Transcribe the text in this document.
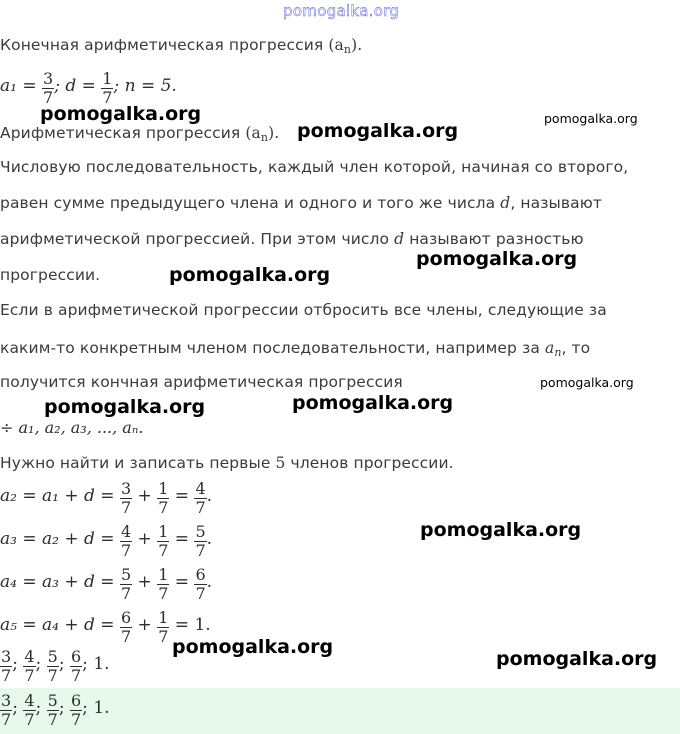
pomogalka.org
Конечная арифметическая прогрессия $(a_n)$.
$a_1 = \frac{3}{7}$ ; $d = \frac{1}{7}$ ; n = 5.
Арифметическая прогрессия $(a_n)$.
Числовую последовательность, каждый член которой, начиная со второго,
равен сумме предыдущего члена и одного и того же числа d, называют
арифметической прогрессией. При этом число d называют разностью
прогрессии.
Если в арифметической прогрессии отбросить все члены, следующие за
каким-то конкретным членом последовательности, например за $a_n$, то
получится кончная арифметическая прогрессия
÷ a₁, a₂, a₃, ..., aₙ.
Нужно найти и записать первые 5 членов прогрессии.
$a_2 = a_1 + d = \frac{3}{7} + \frac{1}{7} = \frac{4}{7}$ .
$a_3 = a_2 + d = \frac{4}{7} + \frac{1}{7} = \frac{5}{7}$ .
$a_4 = a_3 + d = \frac{5}{7} + \frac{1}{7} = \frac{6}{7}$ .
$a_5 = a_4 + d = \frac{6}{7} + \frac{1}{7} = 1$.
$\frac{3}{7}$ ; $\frac{4}{7}$ ; $\frac{5}{7}$ ; $\frac{6}{7}$ ; 1.
$\frac{3}{7}$ ; $\frac{4}{7}$ ; $\frac{5}{7}$ ; $\frac{6}{7}$ ; 1.
pomogalka.org
pomogalka.org
pomogalka.org
pomogalka.org
pomogalka.org
pomogalka.org
pomogalka.org	pomogalka.org
pomogalka.org
pomogalka.org
pomogalka.org
